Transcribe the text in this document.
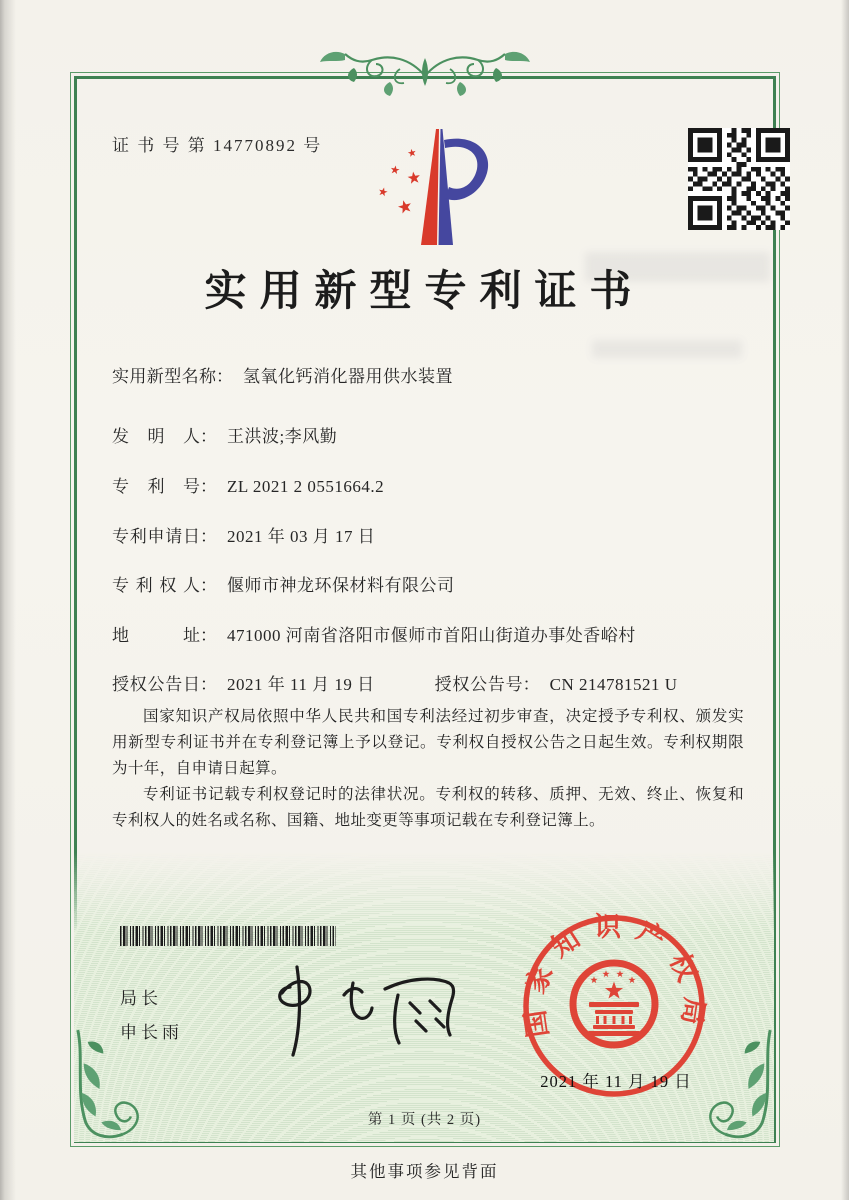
证 书 号 第 14770892 号
实用新型专利证书
实用新型名称： 氢氧化钙消化器用供水装置
发明人： 王洪波;李风勤
专利号： ZL 2021 2 0551664.2
专利申请日： 2021 年 03 月 17 日
专利权人： 偃师市神龙环保材料有限公司
地址： 471000 河南省洛阳市偃师市首阳山街道办事处香峪村
授权公告日： 2021 年 11 月 19 日	授权公告号： CN 214781521 U

国家知识产权局依照中华人民共和国专利法经过初步审查，决定授予专利权、颁发实用新型专利证书并在专利登记簿上予以登记。专利权自授权公告之日起生效。专利权期限为十年，自申请日起算。

专利证书记载专利权登记时的法律状况。专利权的转移、质押、无效、终止、恢复和专利权人的姓名或名称、国籍、地址变更等事项记载在专利登记簿上。

局长
申长雨	国家知识产权局
2021 年 11 月 19 日
第 1 页 (共 2 页)
其他事项参见背面
